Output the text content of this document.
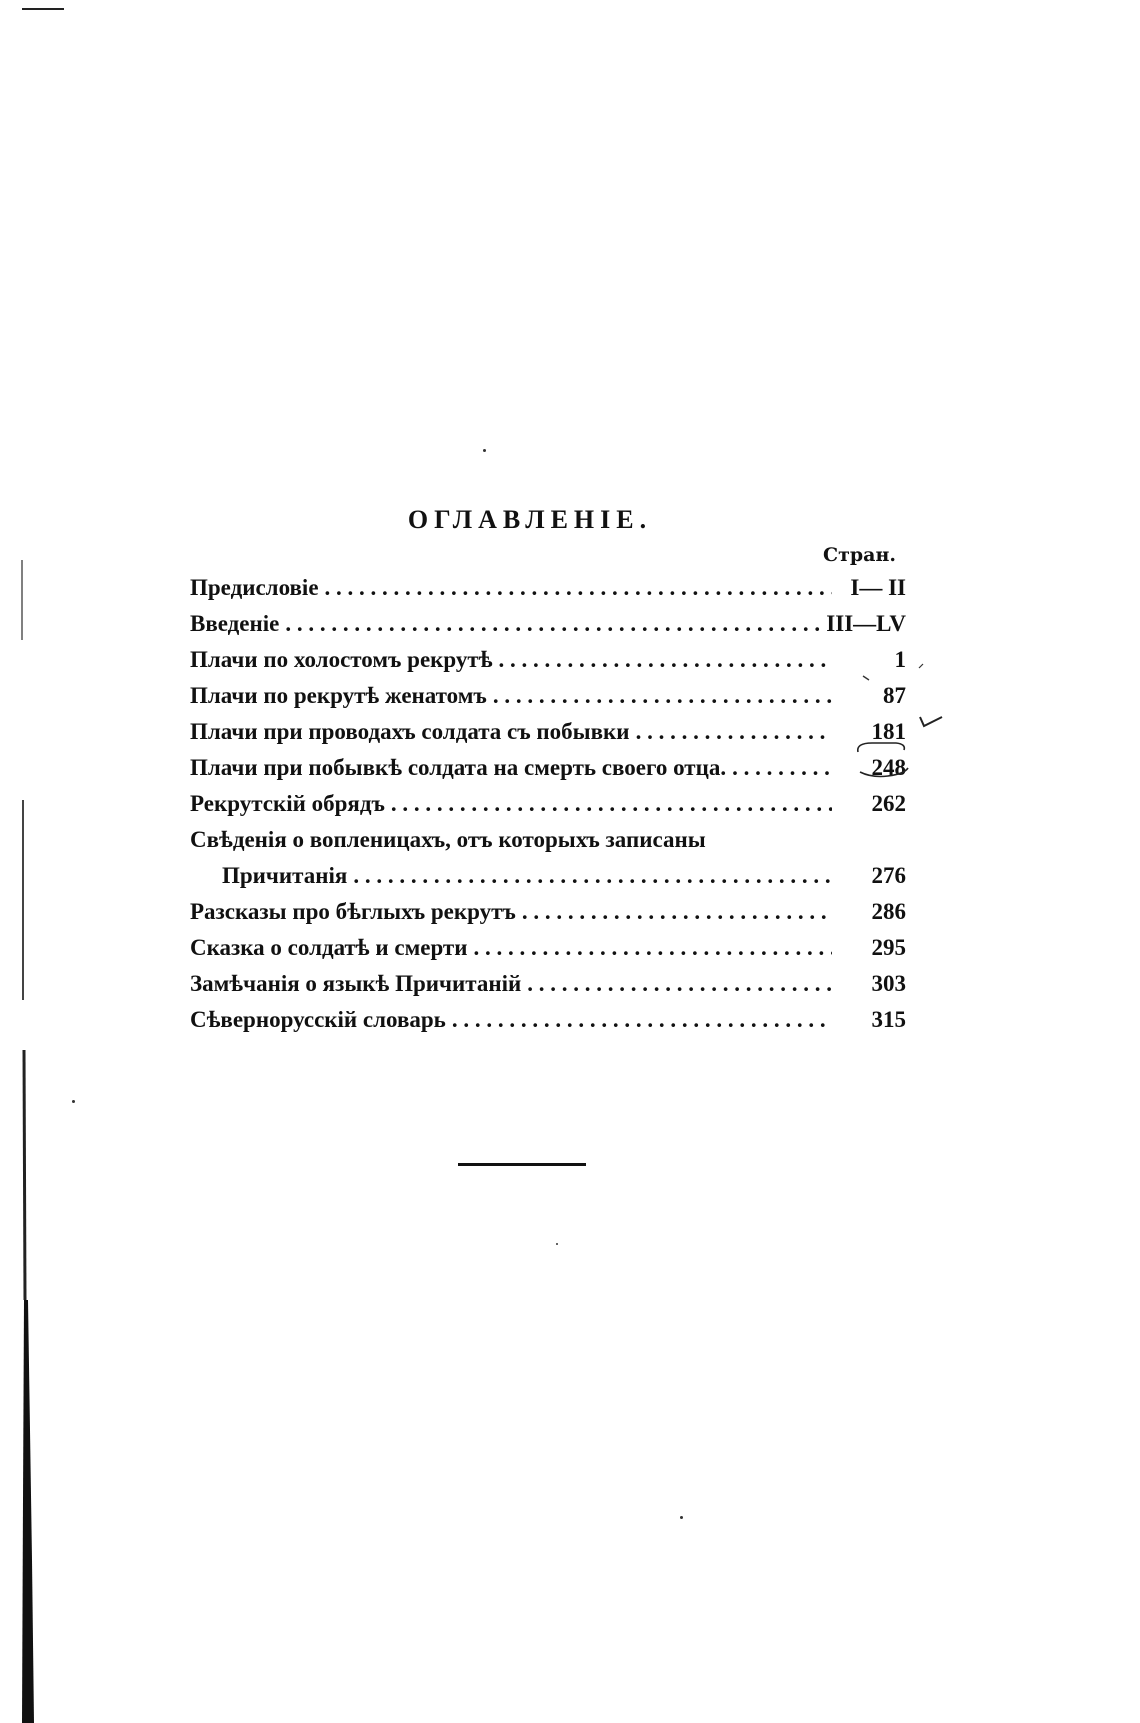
ОГЛАВЛЕНІЕ.
Стран.
Предисловіе . . .	I— II
Введеніе . . .	III—LV
Плачи по холостомъ рекрутѣ . . .	1
Плачи по рекрутѣ женатомъ . . .	87
Плачи при проводахъ солдата съ побывки . . .	181
Плачи при побывкѣ солдата на смерть своего отца. . . .	248
Рекрутскій обрядъ . . .	262
Свѣденія о вопленицахъ, отъ которыхъ записаны
Причитанія . . .	276
Разсказы про бѣглыхъ рекрутъ . . .	286
Сказка о солдатѣ и смерти . . .	295
Замѣчанія о языкѣ Причитаній . . .	303
Сѣвернорусскій словарь . . .	315
